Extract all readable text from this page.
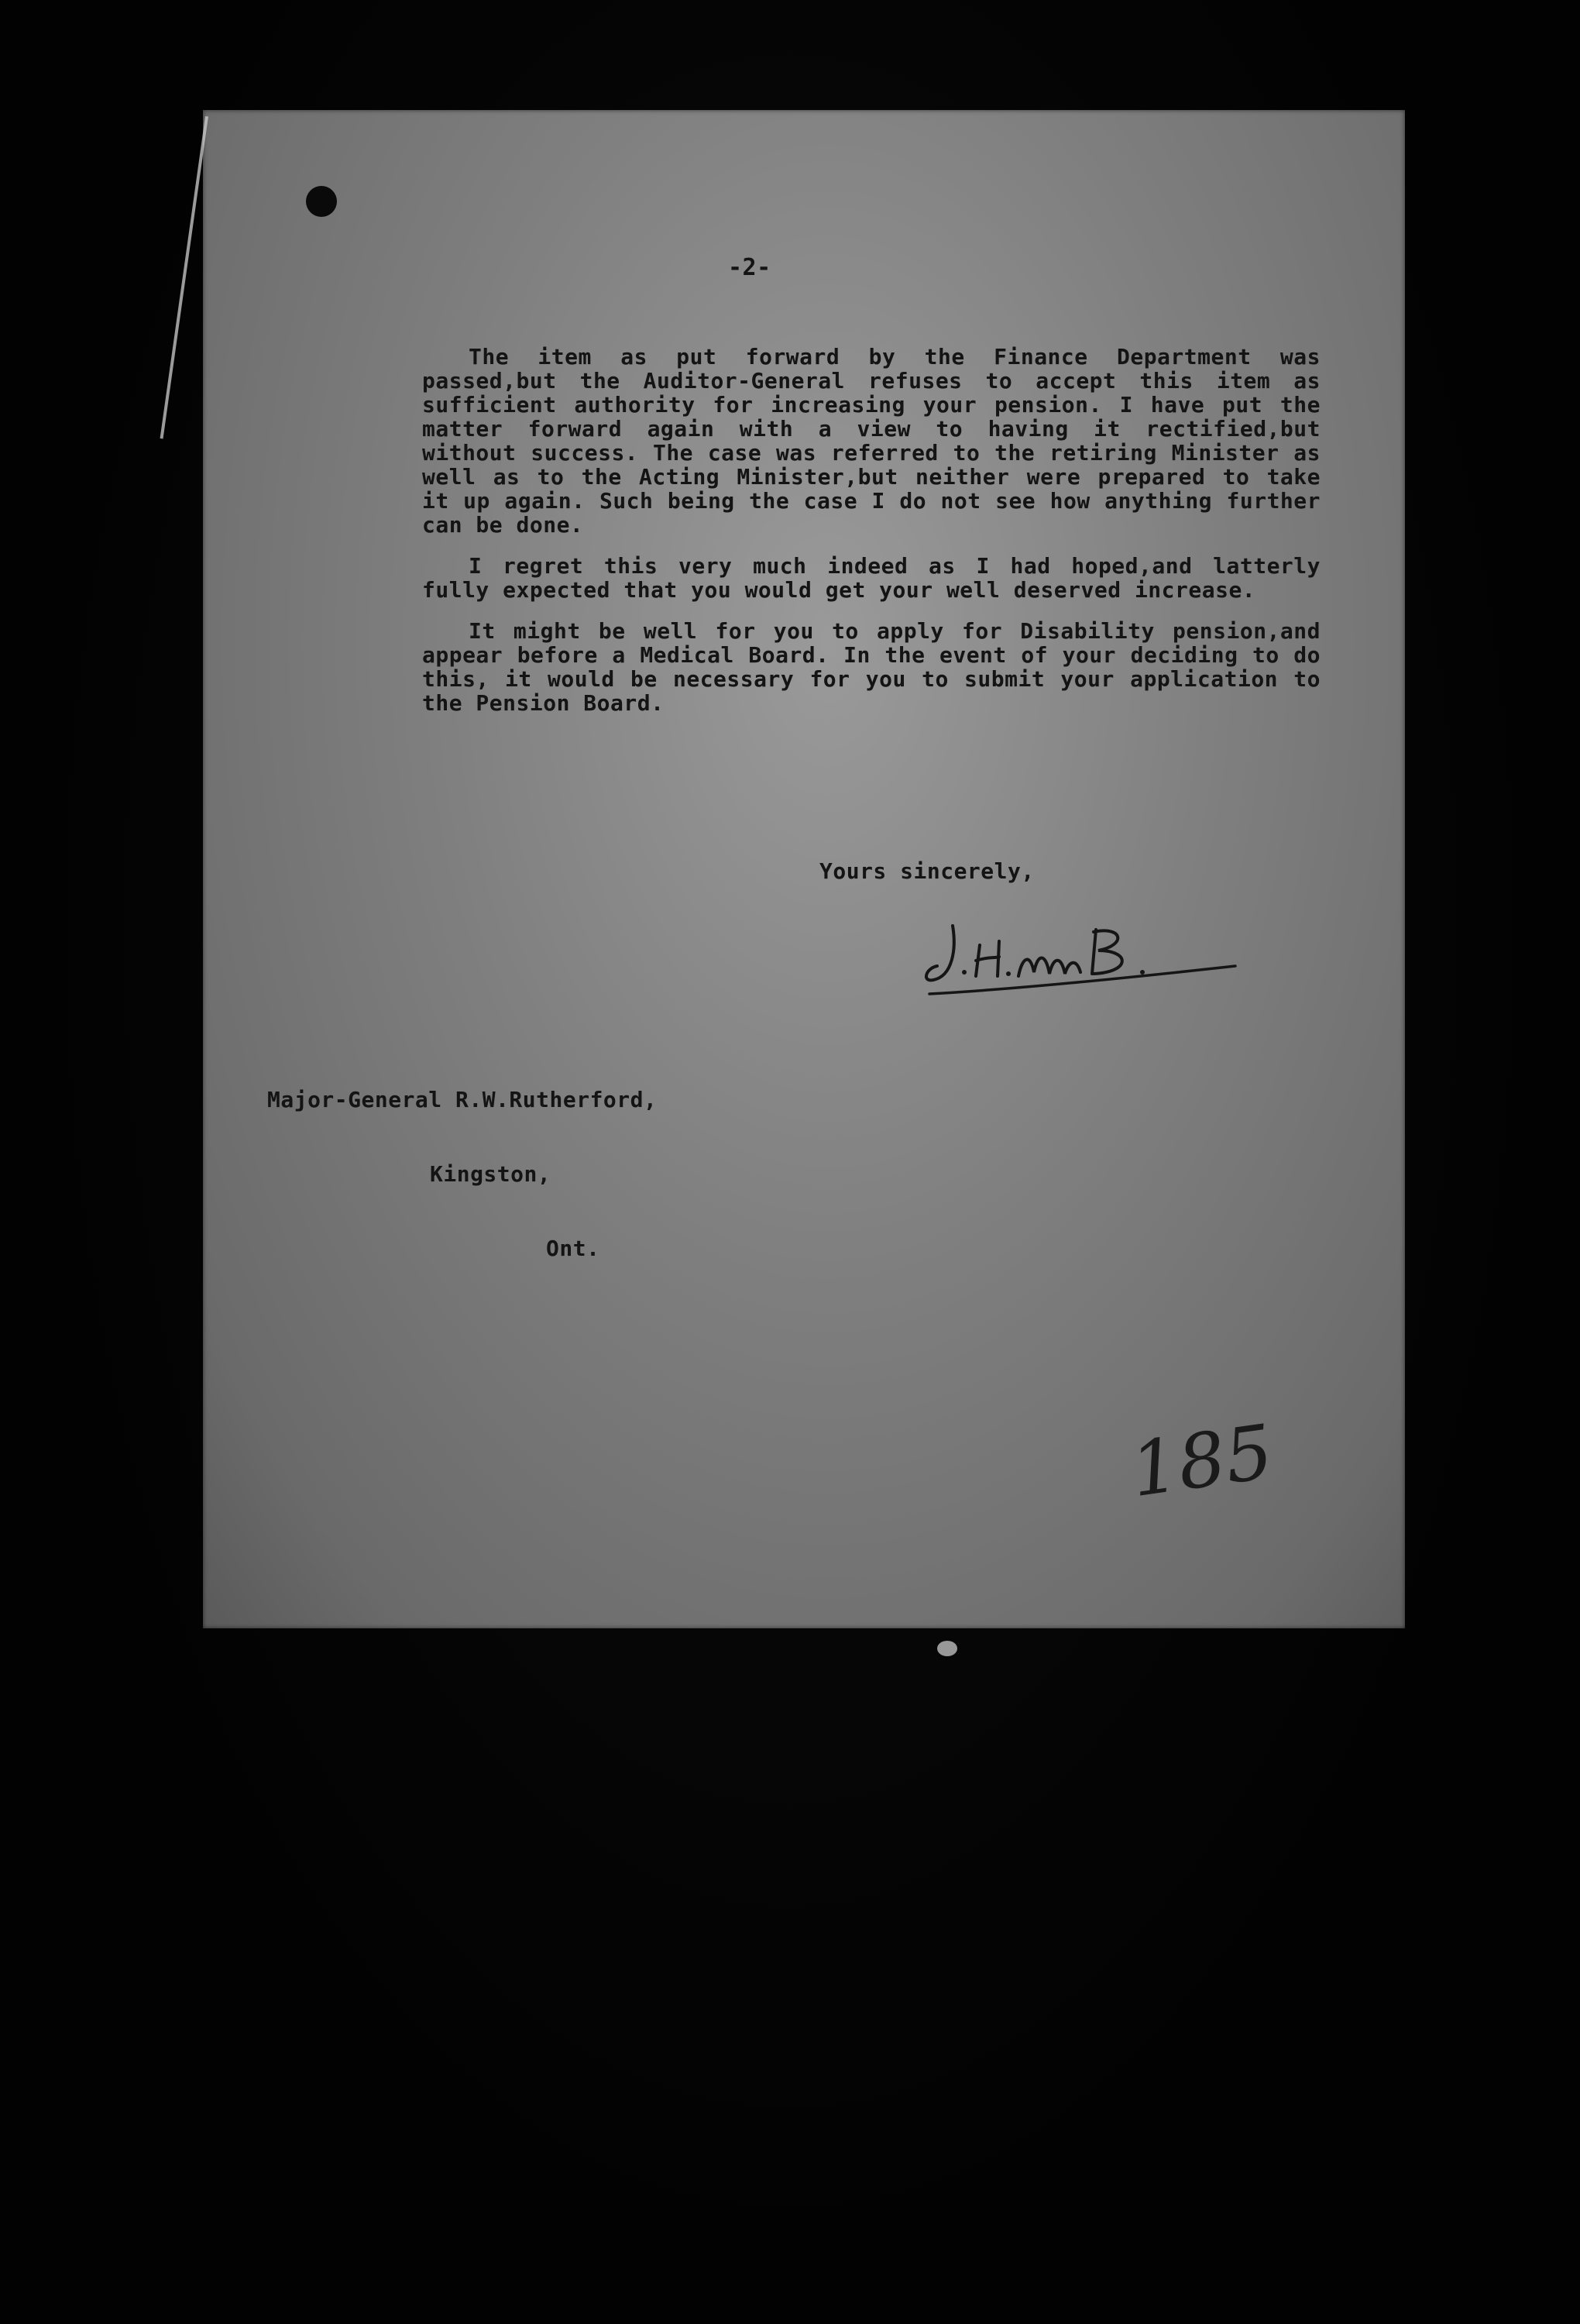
-2-

The item as put forward by the Finance Department was passed,but the Auditor-General refuses to accept this item as sufficient authority for increasing your pension. I have put the matter forward again with a view to having it rectified,but without success. The case was referred to the retiring Minister as well as to the Acting Minister,but neither were prepared to take it up again. Such being the case I do not see how anything further can be done.

I regret this very much indeed as I had hoped,and latterly fully expected that you would get your well deserved increase.

It might be well for you to apply for Disability pension,and appear before a Medical Board. In the event of your deciding to do this, it would be necessary for you to submit your application to the Pension Board.

Yours sincerely,

Major-General R.W.Rutherford,

Kingston,

Ont.

185
